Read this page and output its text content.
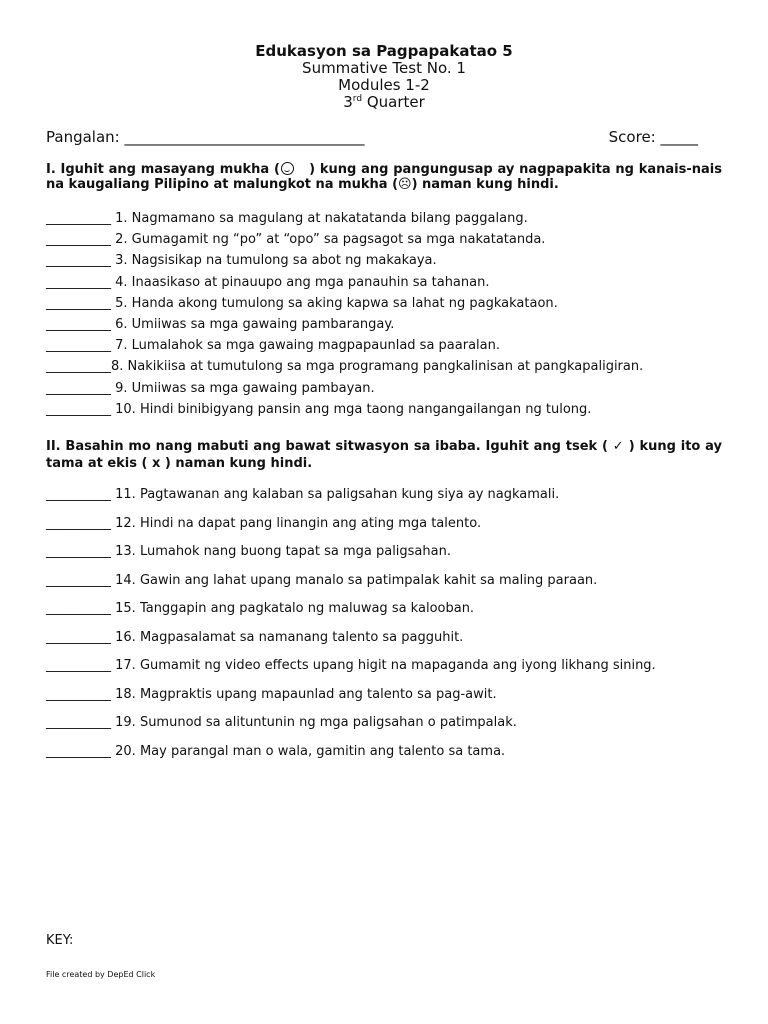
Edukasyon sa Pagpapakatao 5
Summative Test No. 1
Modules 1-2
3rd Quarter
Pangalan: ________________________________	Score: _____
I. Iguhit ang masayang mukha ( ) kung ang pangungusap ay nagpapakita ng kanais-nais na kaugaliang Pilipino at malungkot na mukha (☹) naman kung hindi.
__________ 1. Nagmamano sa magulang at nakatatanda bilang paggalang.
__________ 2. Gumagamit ng “po” at “opo” sa pagsagot sa mga nakatatanda.
__________ 3. Nagsisikap na tumulong sa abot ng makakaya.
__________ 4. Inaasikaso at pinauupo ang mga panauhin sa tahanan.
__________ 5. Handa akong tumulong sa aking kapwa sa lahat ng pagkakataon.
__________ 6. Umiiwas sa mga gawaing pambarangay.
__________ 7. Lumalahok sa mga gawaing magpapaunlad sa paaralan.
__________8. Nakikiisa at tumutulong sa mga programang pangkalinisan at pangkapaligiran.
__________ 9. Umiiwas sa mga gawaing pambayan.
__________ 10. Hindi binibigyang pansin ang mga taong nangangailangan ng tulong.
II. Basahin mo nang mabuti ang bawat sitwasyon sa ibaba. Iguhit ang tsek ( ✓ ) kung ito ay tama at ekis ( x ) naman kung hindi.
__________ 11. Pagtawanan ang kalaban sa paligsahan kung siya ay nagkamali.
__________ 12. Hindi na dapat pang linangin ang ating mga talento.
__________ 13. Lumahok nang buong tapat sa mga paligsahan.
__________ 14. Gawin ang lahat upang manalo sa patimpalak kahit sa maling paraan.
__________ 15. Tanggapin ang pagkatalo ng maluwag sa kalooban.
__________ 16. Magpasalamat sa namanang talento sa pagguhit.
__________ 17. Gumamit ng video effects upang higit na mapaganda ang iyong likhang sining.
__________ 18. Magpraktis upang mapaunlad ang talento sa pag-awit.
__________ 19. Sumunod sa alituntunin ng mga paligsahan o patimpalak.
__________ 20. May parangal man o wala, gamitin ang talento sa tama.
KEY:
File created by DepEd Click
